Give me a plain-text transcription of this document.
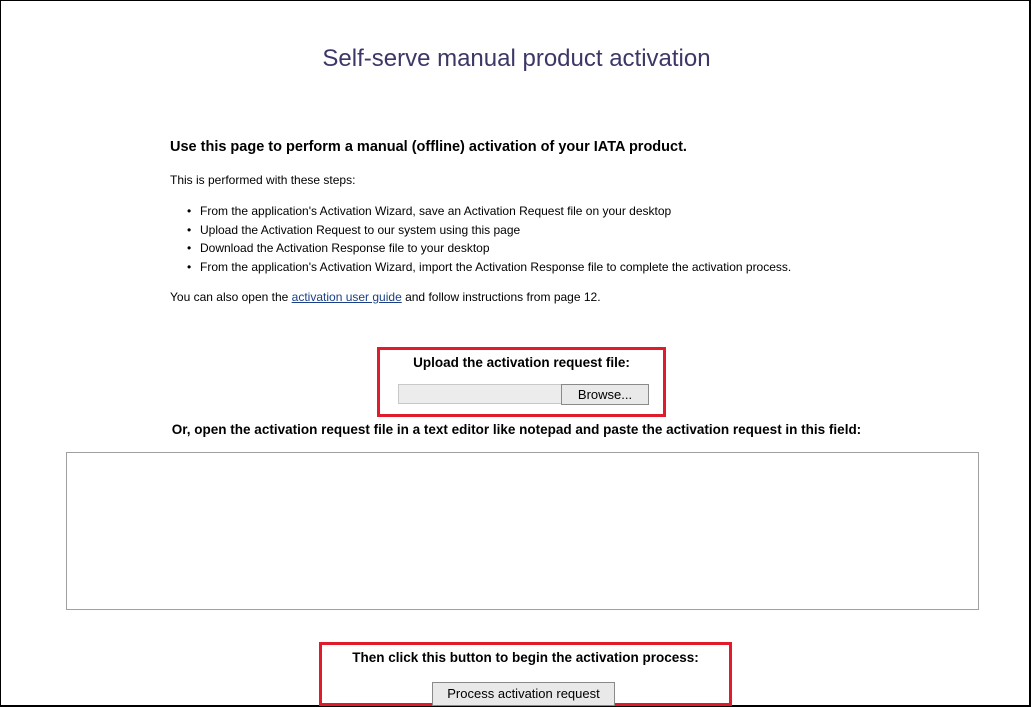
Self-serve manual product activation
Use this page to perform a manual (offline) activation of your IATA product.
This is performed with these steps:
• From the application's Activation Wizard, save an Activation Request file on your desktop
• Upload the Activation Request to our system using this page
• Download the Activation Response file to your desktop
• From the application's Activation Wizard, import the Activation Response file to complete the activation process.
You can also open the activation user guide and follow instructions from page 12.
Upload the activation request file:
Browse...
Or, open the activation request file in a text editor like notepad and paste the activation request in this field:
Then click this button to begin the activation process:
Process activation request
